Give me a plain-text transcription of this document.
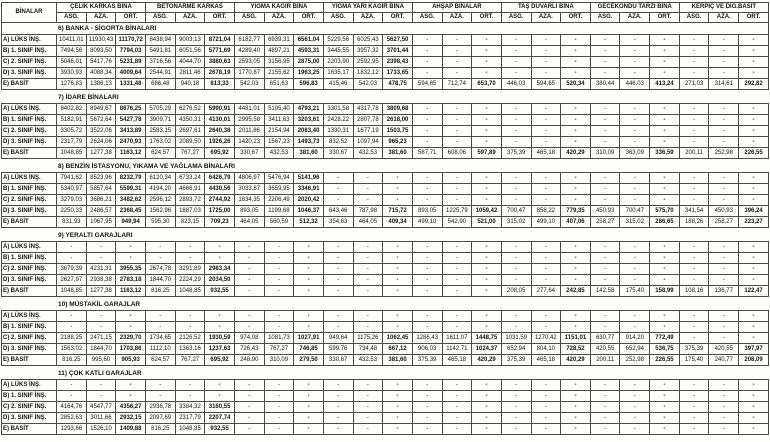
BİNALAR	ÇELİK KARKAS BİNA			BETONARME KARKAS			YIĞMA KAGİR BİNA			YIĞMA YARI KAGİR BİNA			AHŞAP BİNALAR			TAŞ DUVARLI BİNA			GECEKONDU TARZI BİNA			KERPİÇ VE DİĞ.BASİT		
	ASG.	AZA.	ORT.	ASG.	AZA.	ORT.	ASG.	AZA.	ORT.	ASG.	AZA.	ORT.	ASG.	AZA.	ORT.	ASG.	AZA.	ORT.	ASG.	AZA.	ORT.	ASG.	AZA.	ORT.
6) BANKA - SİGORTA BİNALARI																								
A) LÜKS İNŞ.	10411,01	11930,43	11170,72	8438,94	9003,13	8721,04	6182,77	6939,31	6561,04	5229,56	6025,43	5627,50	-	-	-	-	-	-	-	-	-	-	-	-
B) 1. SINIF İNŞ.	7494,56	8093,50	7794,03	5491,81	6051,56	5771,69	4289,40	4897,21	4593,31	3445,55	3957,32	3701,44	-	-	-	-	-	-	-	-	-	-	-	-
C) 2. SINIF İNŞ.	5046,01	5417,76	5231,89	3716,56	4044,70	3880,63	2593,05	3156,95	2875,00	2203,90	2592,95	2398,43	-	-	-	-	-	-	-	-	-	-	-	-
D) 3. SINIF İNŞ.	3930,93	4088,34	4009,64	2544,91	2811,46	2678,19	1770,87	2155,62	1963,25	1635,17	1832,12	1733,65	-	-	-	-	-	-	-	-	-	-	-	-
E) BASİT	1276,83	1386,13	1331,48	686,48	940,18	813,33	542,03	651,63	596,83	415,46	542,03	478,75	594,65	712,74	653,70	446,03	594,65	520,34	380,44	446,03	413,24	271,03	314,61	292,82
7) İDARE BİNALARI
A) LÜKS İNŞ.	8402,82	8949,67	8676,25	5705,29	6276,52	5990,91	4481,01	5105,40	4793,21	3301,58	4317,78	3809,68	-	-	-	-	-	-	-	-	-	-	-	-
B) 1. SINIF İNŞ.	5182,91	5672,64	5427,78	3909,71	4350,31	4130,01	2995,58	3411,63	3203,61	2428,22	2807,78	2618,00	-	-	-	-	-	-	-	-	-	-	-	-
C) 2. SINIF İNŞ.	3305,72	3522,06	3413,89	2583,15	2697,61	2640,38	2011,86	2154,94	2083,40	1330,31	1677,19	1503,75	-	-	-	-	-	-	-	-	-	-	-	-
D) 3. SINIF İNŞ.	2317,79	2624,06	2470,93	1763,02	2089,50	1926,26	1420,23	1567,23	1493,73	832,52	1097,94	965,23	-	-	-	-	-	-	-	-	-	-	-	-
E) BASİT	1048,85	1277,38	1163,12	624,57	767,27	695,92	330,67	432,53	381,60	330,67	432,53	381,60	587,71	608,06	597,89	375,39	465,18	420,29	310,09	363,09	336,59	200,11	252,98	226,55
8) BENZİN İSTASYONU, YIKAMA VE YAĞLAMA BİNALARI
A) LÜKS İNŞ.	7941,62	8523,96	8232,79	6120,34	6733,24	6426,79	4806,97	5476,94	5141,96	-	-	-	-	-	-	-	-	-	-	-	-	-	-	-
B) 1. SINIF İNŞ.	5340,97	5857,64	5599,31	4194,20	4666,91	4430,56	3033,87	3659,95	3346,91	-	-	-	-	-	-	-	-	-	-	-	-	-	-	-
C) 2. SINIF İNŞ.	3279,03	3686,21	3482,62	2596,12	2893,72	2744,92	1834,35	2206,49	2020,42	-	-	-	-	-	-	-	-	-	-	-	-	-	-	-
D) 3. SINIF İNŞ.	2250,33	2486,57	2368,45	1562,96	1887,03	1725,00	893,05	1199,68	1046,37	643,46	787,98	715,72	893,05	1225,79	1059,42	700,47	858,22	779,35	450,93	700,47	575,70	341,54	450,93	396,24
E) BASİT	831,93	1067,95	949,94	595,30	823,15	709,23	464,05	560,59	512,32	354,63	464,05	409,34	499,10	542,90	521,00	315,02	499,10	407,06	258,27	315,02	286,65	188,26	258,27	223,27
9) YERALTI GARAJLARI
A) LÜKS İNŞ.	-	-	-	-	-	-	-	-	-	-	-	-	-	-	-	-	-	-	-	-	-	-	-	-
B) 1. SINIF İNŞ.	-	-	-	-	-	-	-	-	-	-	-	-	-	-	-	-	-	-	-	-	-	-	-	-
C) 2. SINIF İNŞ.	3679,39	4231,31	3955,35	2674,78	3291,89	2983,34	-	-	-	-	-	-	-	-	-	-	-	-	-	-	-	-	-	-
D) 3. SINIF İNŞ.	2627,97	2938,38	2783,18	1844,70	2224,29	2034,50	-	-	-	-	-	-	-	-	-	-	-	-	-	-	-	-	-	-
E) BASİT	1048,85	1277,38	1163,12	816,25	1048,85	932,55	-	-	-	-	-	-	-	-	-	208,05	277,64	242,85	142,58	175,40	158,99	108,16	136,77	122,47
10) MÜSTAKİL GARAJLAR
A) LÜKS İNŞ.	-	-	-	-	-	-	-	-	-	-	-	-	-	-	-	-	-	-	-	-	-	-	-	-
B) 1. SINIF İNŞ.	-	-	-	-	-	-	-	-	-	-	-	-	-	-	-	-	-	-	-	-	-	-	-	-
C) 2. SINIF İNŞ.	2188,25	2471,15	2329,70	1734,65	2126,52	1930,59	974,08	1081,73	1027,91	949,64	1175,26	1062,45	1286,43	1611,07	1448,75	1031,59	1270,42	1151,01	630,77	914,20	772,49	-	-	-
D) 3. SINIF İNŞ.	1563,02	1844,70	1703,86	1112,10	1363,16	1237,63	726,43	767,27	746,85	599,76	734,48	667,12	906,03	1142,71	1024,37	652,94	804,10	728,52	420,55	652,94	536,75	375,39	420,55	397,97
E) BASİT	816,25	995,60	905,93	624,57	767,27	695,92	248,90	310,09	279,50	330,67	432,53	381,60	375,39	465,18	420,29	375,39	465,18	420,29	200,11	252,98	226,55	175,40	240,77	208,09
11) ÇOK KATLI GARAJLAR
A) LÜKS İNŞ.	-	-	-	-	-	-	-	-	-	-	-	-	-	-	-	-	-	-	-	-	-	-	-	-
B) 1. SINIF İNŞ.	-	-	-	-	-	-	-	-	-	-	-	-	-	-	-	-	-	-	-	-	-	-	-	-
C) 2. SINIF İNŞ.	4164,76	4547,77	4356,27	2936,78	3384,32	3160,55	-	-	-	-	-	-	-	-	-	-	-	-	-	-	-	-	-	-
D) 3. SINIF İNŞ.	2852,63	3011,66	2932,15	2097,69	2317,79	2207,74	-	-	-	-	-	-	-	-	-	-	-	-	-	-	-	-	-	-
E) BASİT	1293,66	1526,10	1409,88	816,25	1048,85	932,55	-	-	-	-	-	-	-	-	-	-	-	-	-	-	-	-	-	-
